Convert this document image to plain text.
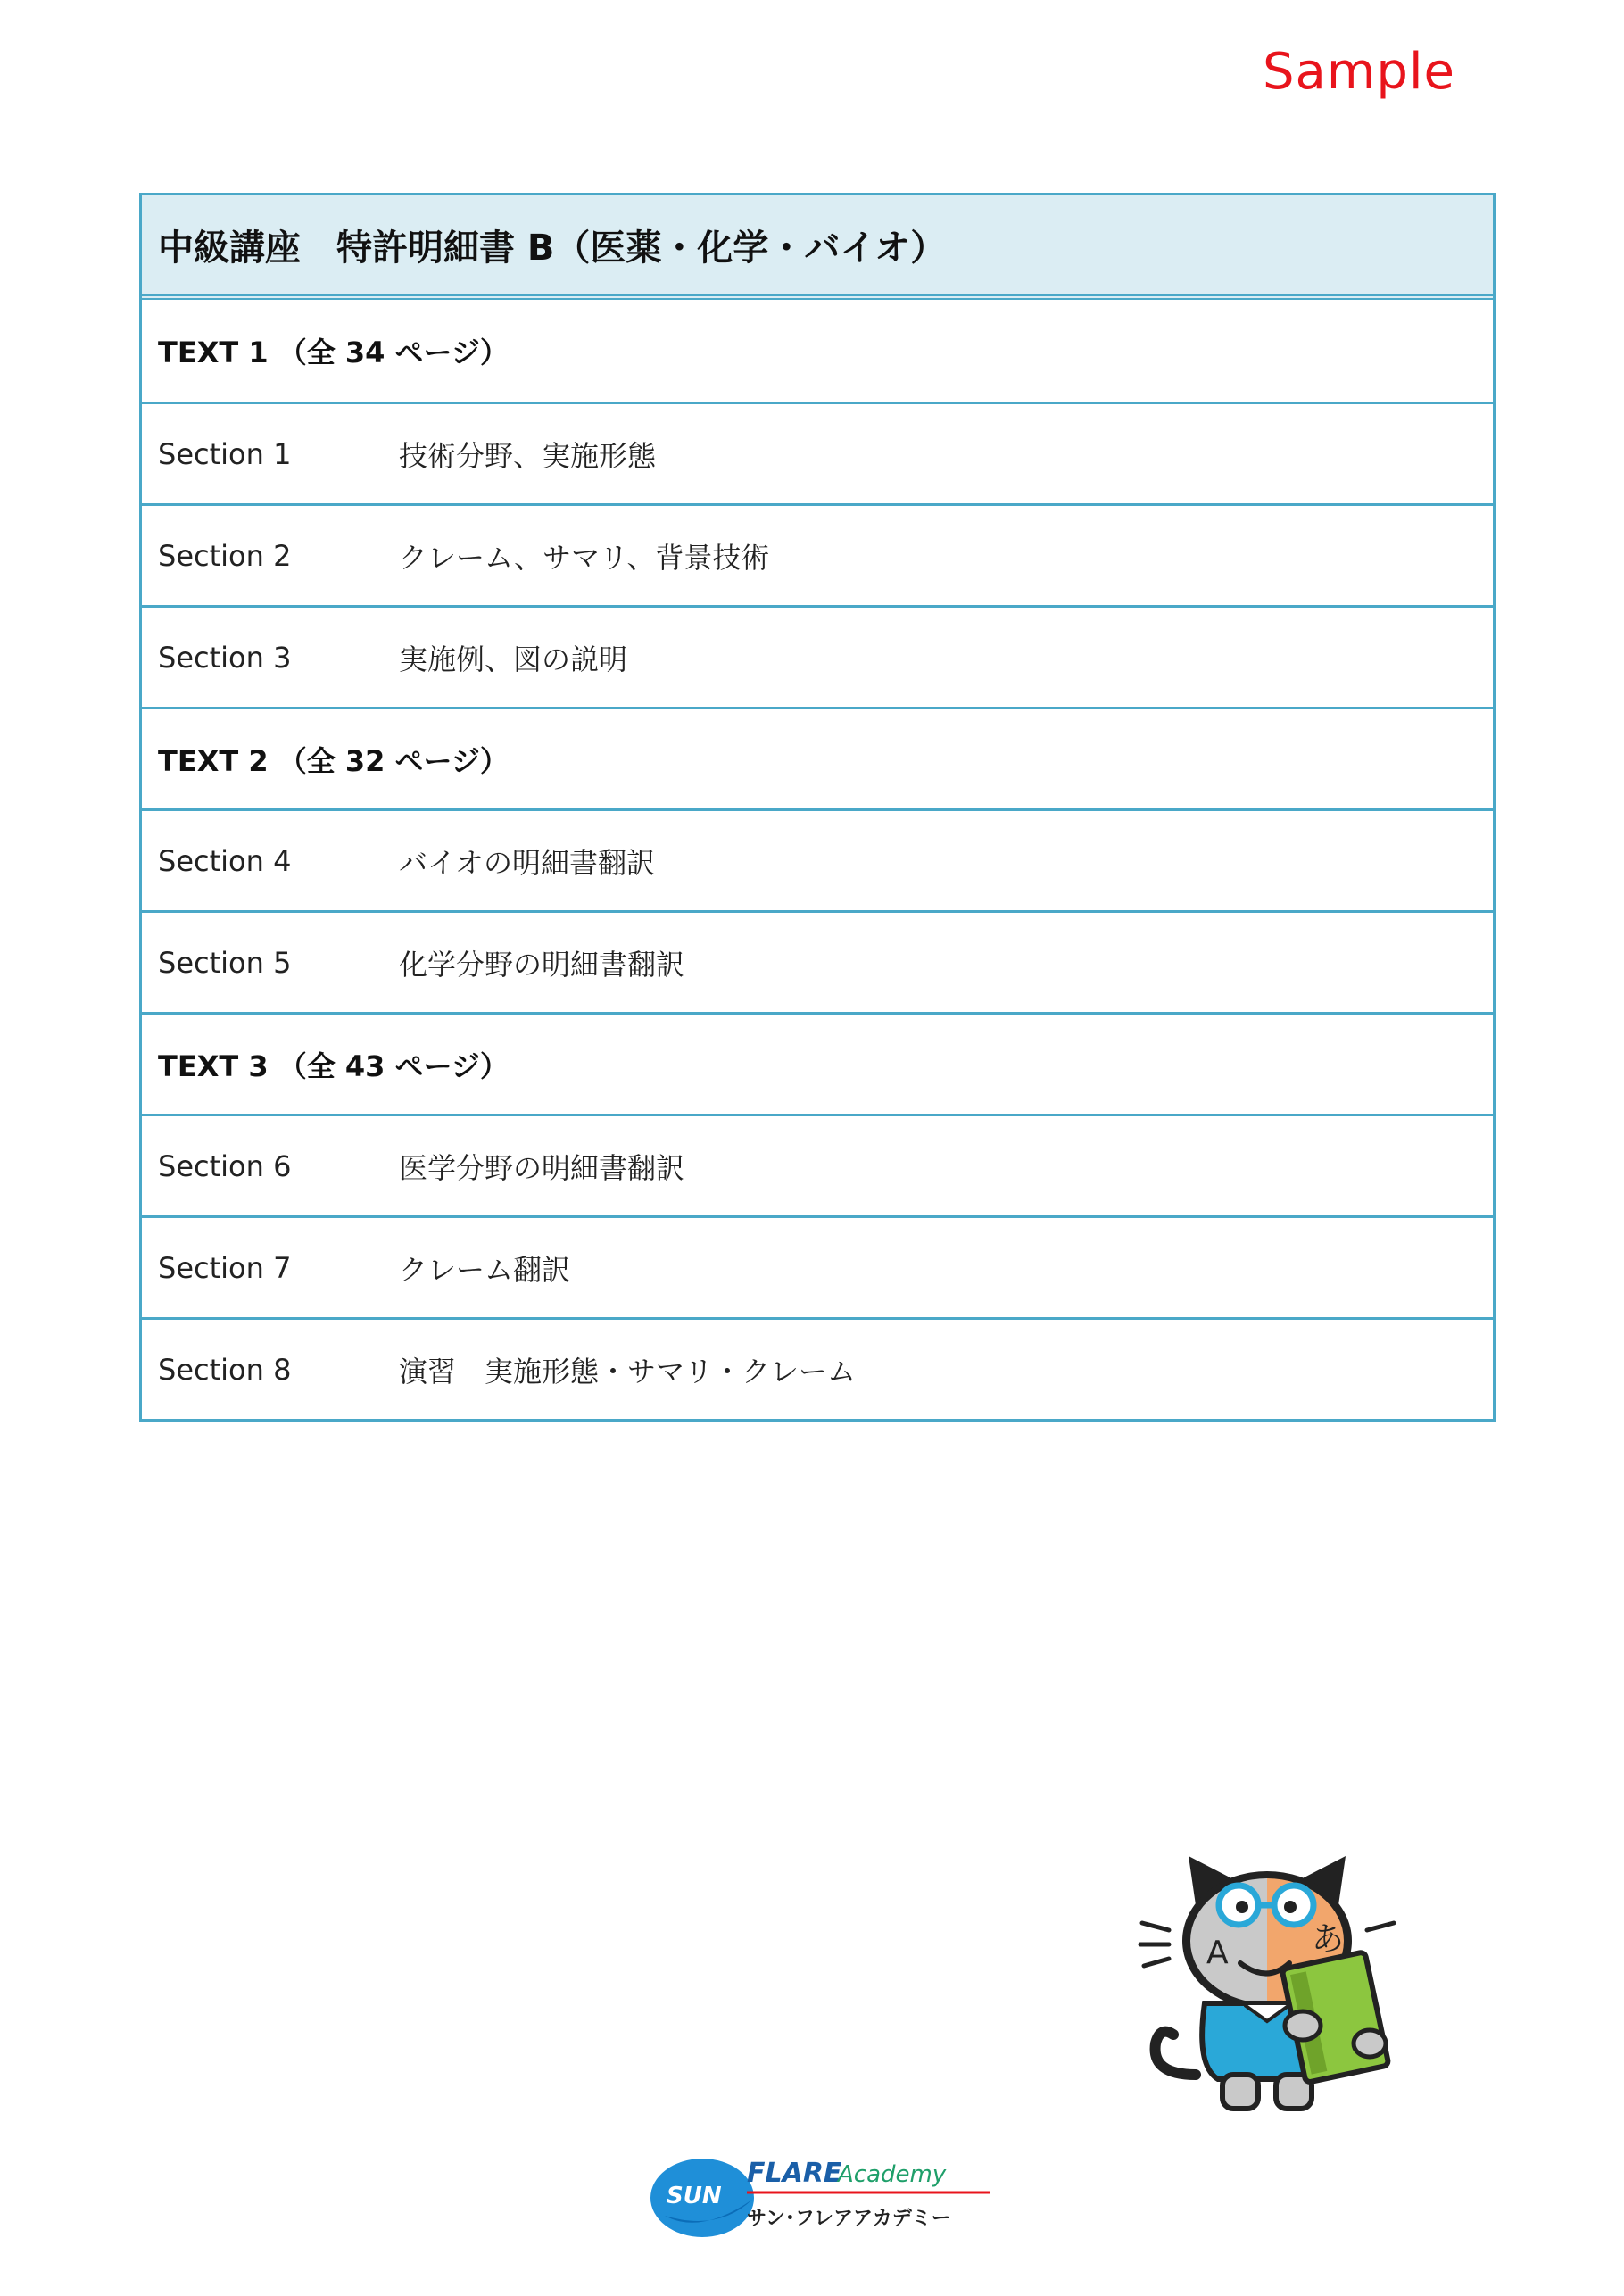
Sample
中級講座　特許明細書 B（医薬・化学・バイオ）
TEXT 1 （全 34 ページ）
Section 1	技術分野、実施形態
Section 2	クレーム、サマリ、背景技術
Section 3	実施例、図の説明
TEXT 2 （全 32 ページ）
Section 4	バイオの明細書翻訳
Section 5	化学分野の明細書翻訳
TEXT 3 （全 43 ページ）
Section 6	医学分野の明細書翻訳
Section 7	クレーム翻訳
Section 8	演習　実施形態・サマリ・クレーム
A	あ
SUN
FLARE
Academy
サン･フレアアカデミー
